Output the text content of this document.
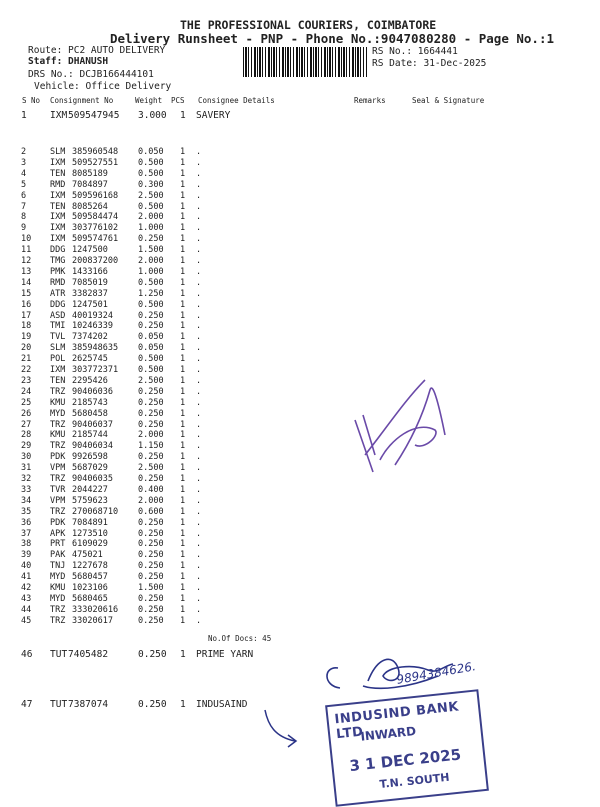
THE PROFESSIONAL COURIERS, COIMBATORE
Delivery Runsheet - PNP - Phone No.:9047080280 - Page No.:1
Route: PC2 AUTO DELIVERY
Staff: DHANUSH
DRS No.: DCJB166444101
Vehicle: Office Delivery
RS No.: 1664441
RS Date: 31-Dec-2025
S No Consignment No	Weight PCS Consignee Details	Remarks	Seal & Signature
1 IXM 509547945 3.000 1 SAVERY
2	SLM 385960548 0.050 1 .
3	IXM 509527551 0.500 1 .
4	TEN 8085189	0.500 1 .
5	RMD 7084897	0.300 1 .
6	IXM 509596168 2.500 1 .
7	TEN 8085264	0.500 1 .
8	IXM 509584474 2.000 1 .
9	IXM 303776102 1.000 1 .
10 IXM 509574761 0.250 1 .
11 DDG 1247500	1.500 1 .
12 TMG 200837200 2.000 1 .
13 PMK 1433166	1.000 1 .
14 RMD 7085019	0.500 1 .
15 ATR 3382837	1.250 1 .
16 DDG 1247501	0.500 1 .
17 ASD 40019324	0.250 1 .
18 TMI 10246339	0.250 1 .
19 TVL 7374202	0.050 1 .
20 SLM 385948635 0.050 1 .
21 POL 2625745	0.500 1 .
22 IXM 303772371 0.500 1 .
23 TEN 2295426	2.500 1 .
24 TRZ 90406036	0.250 1 .
25 KMU 2185743	0.250 1 .
26 MYD 5680458	0.250 1 .
27 TRZ 90406037	0.250 1 .
28 KMU 2185744	2.000 1 .
29 TRZ 90406034	1.150 1 .
30 PDK 9926598	0.250 1 .
31 VPM 5687029	2.500 1 .
32 TRZ 90406035	0.250 1 .
33 TVR 2044227	0.400 1 .
34 VPM 5759623	2.000 1 .
35 TRZ 270068710 0.600 1 .
36 PDK 7084891	0.250 1 .
37 APK 1273510	0.250 1 .
38 PRT 6109029	0.250 1 .
39 PAK 475021	0.250 1 .
40 TNJ 1227678	0.250 1 .
41 MYD 5680457	0.250 1 .
42 KMU 1023106	1.500 1 .
43 MYD 5680465	0.250 1 .
44 TRZ 333020616 0.250 1 .
45 TRZ 33020617	0.250 1 .
46 TUT 7405482	0.250 1 PRIME YARN
47 TUT 7387074	0.250 1 INDUSAIND
No.Of Docs: 45
9894384626.
INDUSIND BANK LTD
INWARD
3 1 DEC 2025
T.N. SOUTH
